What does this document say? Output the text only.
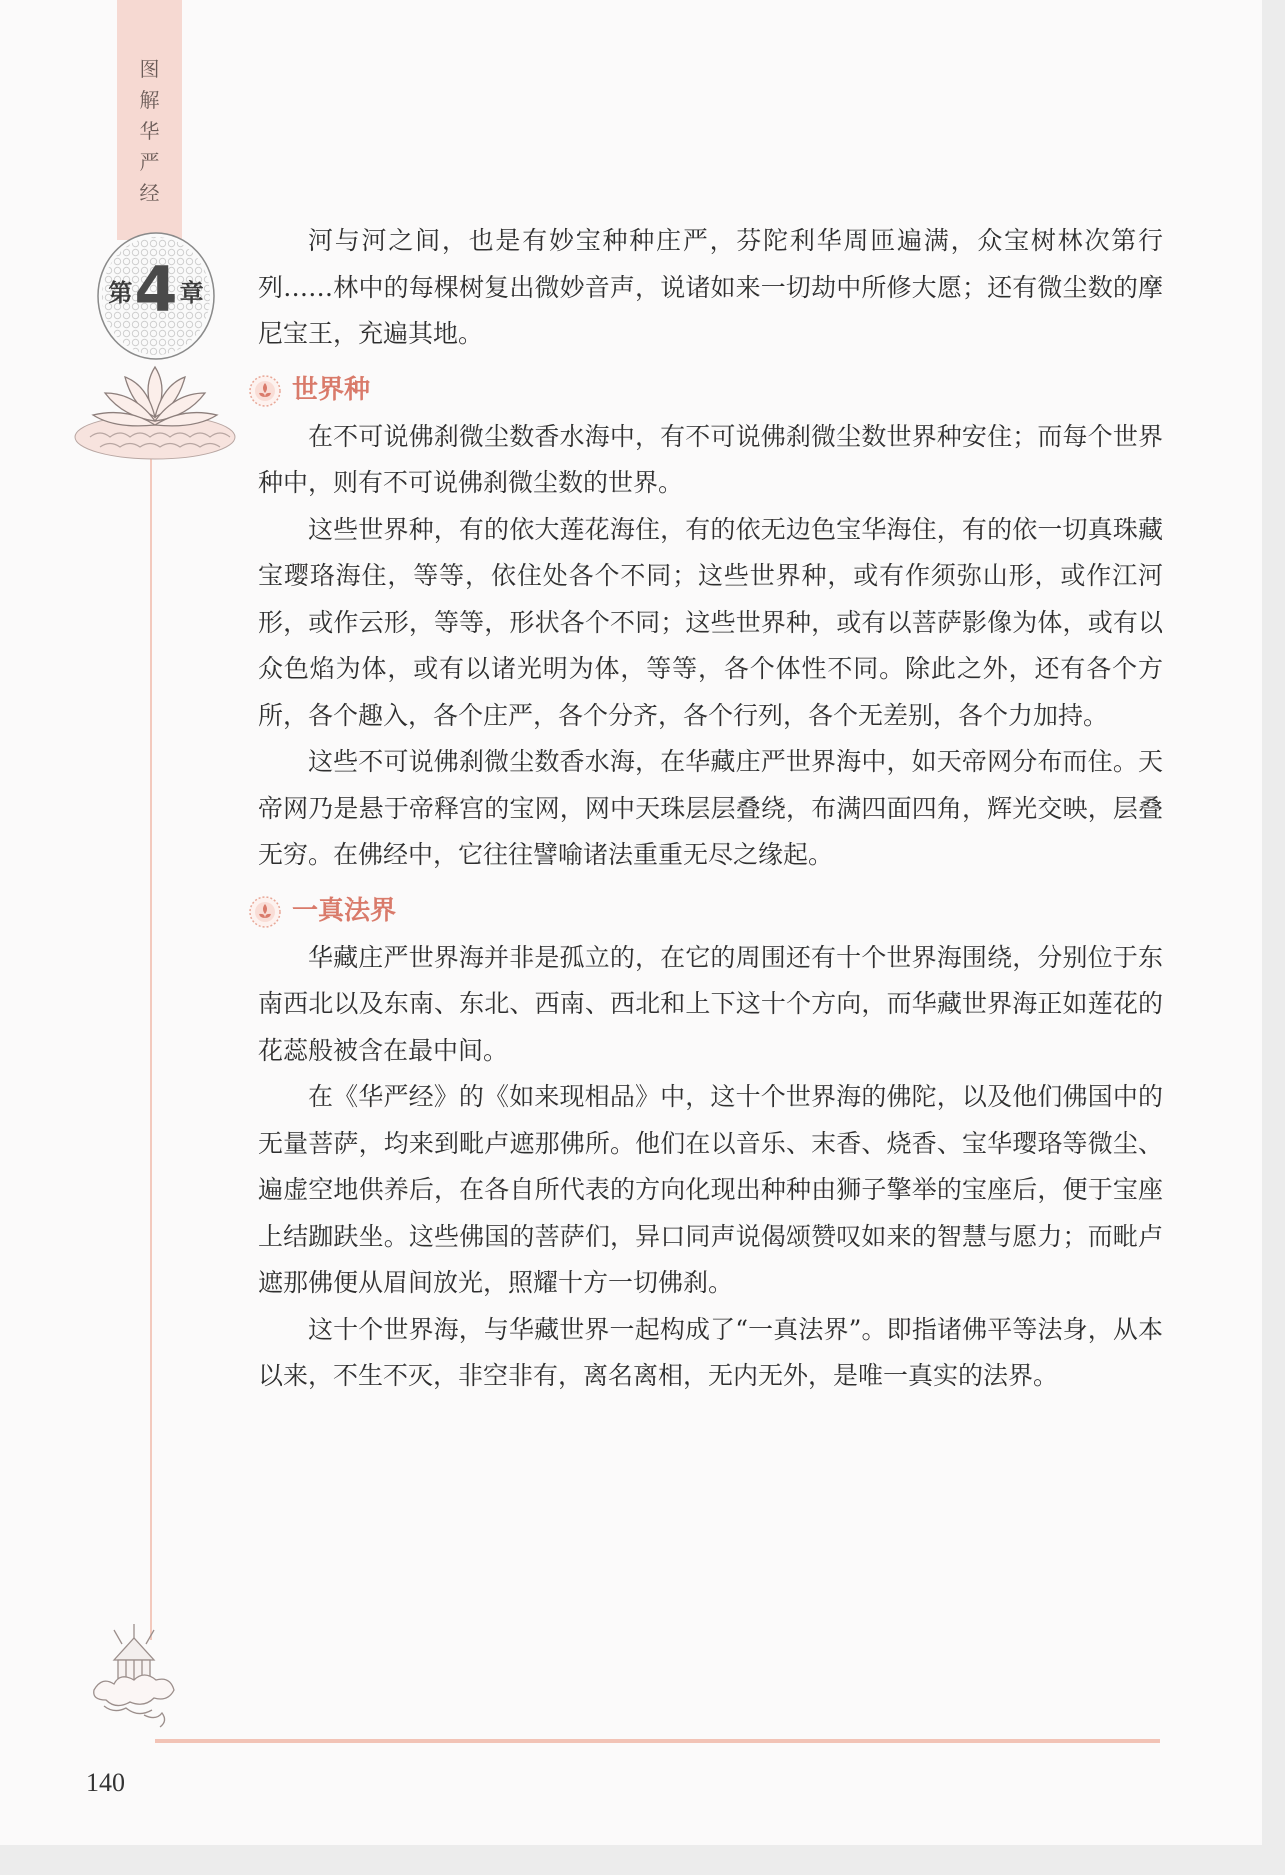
图
解
华
严
经
第 4 章

河与河之间，也是有妙宝种种庄严，芬陀利华周匝遍满，众宝树林次第行列……林中的每棵树复出微妙音声，说诸如来一切劫中所修大愿；还有微尘数的摩尼宝王，充遍其地。

世界种

在不可说佛刹微尘数香水海中，有不可说佛刹微尘数世界种安住；而每个世界种中，则有不可说佛刹微尘数的世界。

这些世界种，有的依大莲花海住，有的依无边色宝华海住，有的依一切真珠藏宝璎珞海住，等等，依住处各个不同；这些世界种，或有作须弥山形，或作江河形，或作云形，等等，形状各个不同；这些世界种，或有以菩萨影像为体，或有以众色焰为体，或有以诸光明为体，等等，各个体性不同。除此之外，还有各个方所，各个趣入，各个庄严，各个分齐，各个行列，各个无差别，各个力加持。

这些不可说佛刹微尘数香水海，在华藏庄严世界海中，如天帝网分布而住。天帝网乃是悬于帝释宫的宝网，网中天珠层层叠绕，布满四面四角，辉光交映，层叠无穷。在佛经中，它往往譬喻诸法重重无尽之缘起。

一真法界

华藏庄严世界海并非是孤立的，在它的周围还有十个世界海围绕，分别位于东南西北以及东南、东北、西南、西北和上下这十个方向，而华藏世界海正如莲花的花蕊般被含在最中间。

在《华严经》的《如来现相品》中，这十个世界海的佛陀，以及他们佛国中的无量菩萨，均来到毗卢遮那佛所。他们在以音乐、末香、烧香、宝华璎珞等微尘、遍虚空地供养后，在各自所代表的方向化现出种种由狮子擎举的宝座后，便于宝座上结跏趺坐。这些佛国的菩萨们，异口同声说偈颂赞叹如来的智慧与愿力；而毗卢遮那佛便从眉间放光，照耀十方一切佛刹。

这十个世界海，与华藏世界一起构成了“一真法界”。即指诸佛平等法身，从本以来，不生不灭，非空非有，离名离相，无内无外，是唯一真实的法界。

140
